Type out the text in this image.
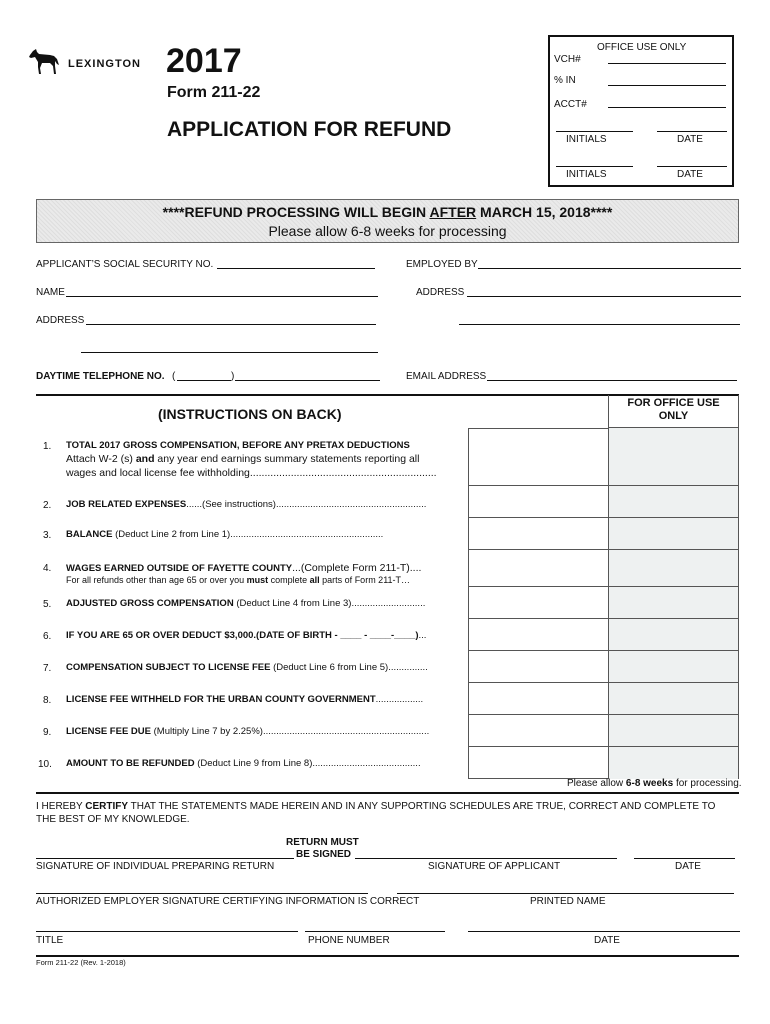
LEXINGTON 2017
Form 211-22
APPLICATION FOR REFUND
OFFICE USE ONLY
VCH#
% IN
ACCT#
INITIALS	DATE
INITIALS	DATE
****REFUND PROCESSING WILL BEGIN AFTER MARCH 15, 2018****
Please allow 6-8 weeks for processing
APPLICANT’S SOCIAL SECURITY NO.	EMPLOYED BY
NAME	ADDRESS
ADDRESS
DAYTIME TELEPHONE NO. (	)	EMAIL ADDRESS
(INSTRUCTIONS ON BACK)
FOR OFFICE USE ONLY
1. TOTAL 2017 GROSS COMPENSATION, BEFORE ANY PRETAX DEDUCTIONS
Attach W-2 (s) and any year end earnings summary statements reporting all
wages and local license fee withholding................................................................
2. JOB RELATED EXPENSES......(See instructions).........................................................
3. BALANCE (Deduct Line 2 from Line 1)..........................................................
4. WAGES EARNED OUTSIDE OF FAYETTE COUNTY...(Complete Form 211-T)....
For all refunds other than age 65 or over you must complete all parts of Form 211-T…
5. ADJUSTED GROSS COMPENSATION (Deduct Line 4 from Line 3)............................
6. IF YOU ARE 65 OR OVER DEDUCT $3,000.(DATE OF BIRTH - ____ - ____-____)...
7. COMPENSATION SUBJECT TO LICENSE FEE (Deduct Line 6 from Line 5)...............
8. LICENSE FEE WITHHELD FOR THE URBAN COUNTY GOVERNMENT..................
9. LICENSE FEE DUE (Multiply Line 7 by 2.25%)...............................................................
10. AMOUNT TO BE REFUNDED (Deduct Line 9 from Line 8).........................................
Please allow 6-8 weeks for processing.
I HEREBY CERTIFY THAT THE STATEMENTS MADE HEREIN AND IN ANY SUPPORTING SCHEDULES ARE TRUE, CORRECT AND COMPLETE TO
THE BEST OF MY KNOWLEDGE.
RETURN MUST
BE SIGNED
SIGNATURE OF INDIVIDUAL PREPARING RETURN	SIGNATURE OF APPLICANT	DATE
AUTHORIZED EMPLOYER SIGNATURE CERTIFYING INFORMATION IS CORRECT	PRINTED NAME
TITLE	PHONE NUMBER	DATE
Form 211-22 (Rev. 1-2018)
